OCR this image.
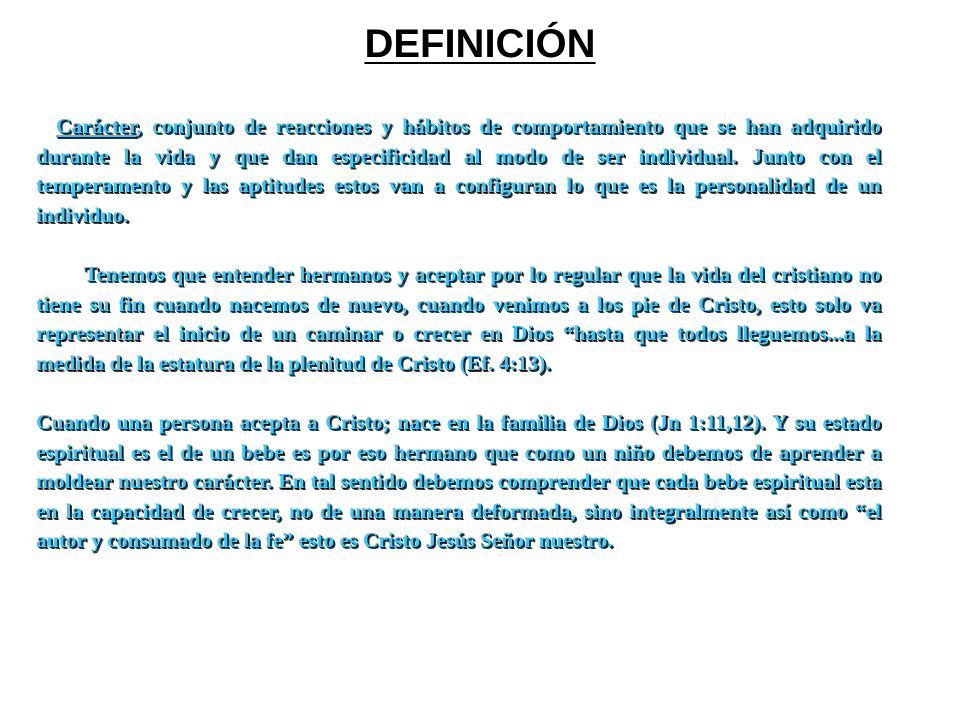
DEFINICIÓN

Carácter, conjunto de reacciones y hábitos de comportamiento que se han adquirido durante la vida y que dan especificidad al modo de ser individual. Junto con el temperamento y las aptitudes estos van a configuran lo que es la personalidad de un individuo.

Tenemos que entender hermanos y aceptar por lo regular que la vida del cristiano no tiene su fin cuando nacemos de nuevo, cuando venimos a los pie de Cristo, esto solo va representar el inicio de un caminar o crecer en Dios “hasta que todos lleguemos...a la medida de la estatura de la plenitud de Cristo (Ef. 4:13).

Cuando una persona acepta a Cristo; nace en la familia de Dios (Jn 1:11,12). Y su estado espiritual es el de un bebe es por eso hermano que como un niño debemos de aprender a moldear nuestro carácter. En tal sentido debemos comprender que cada bebe espiritual esta en la capacidad de crecer, no de una manera deformada, sino integralmente así como “el autor y consumado de la fe” esto es Cristo Jesús Señor nuestro.
